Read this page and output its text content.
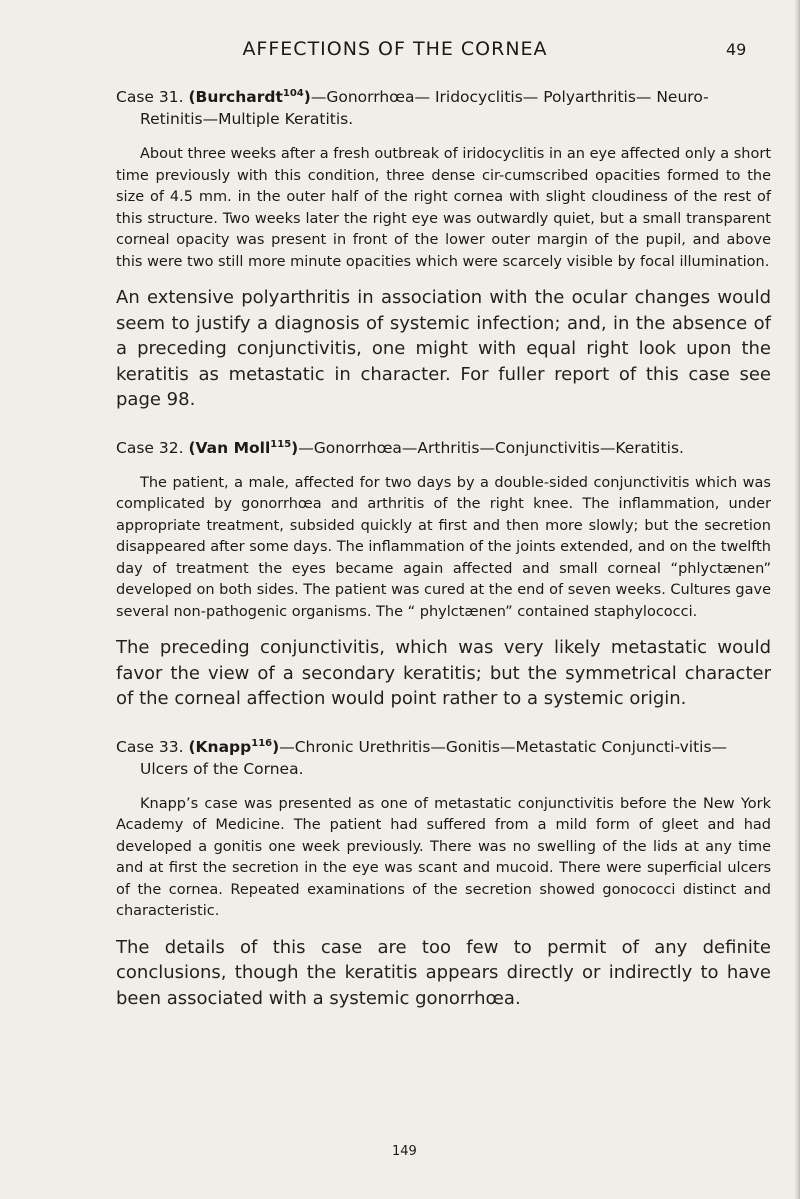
AFFECTIONS OF THE CORNEA	49

Case 31. (Burchardt$^{104}$)—Gonorrhœa— Iridocyclitis— Polyarthritis— Neuro-Retinitis—Multiple Keratitis.

About three weeks after a fresh outbreak of iridocyclitis in an eye affected only a short time previously with this condition, three dense cir-cumscribed opacities formed to the size of 4.5 mm. in the outer half of the right cornea with slight cloudiness of the rest of this structure. Two weeks later the right eye was outwardly quiet, but a small transparent corneal opacity was present in front of the lower outer margin of the pupil, and above this were two still more minute opacities which were scarcely visible by focal illumination.

An extensive polyarthritis in association with the ocular changes would seem to justify a diagnosis of systemic infection; and, in the absence of a preceding conjunctivitis, one might with equal right look upon the keratitis as metastatic in character. For fuller report of this case see page 98.

Case 32. (Van Moll$^{115}$)—Gonorrhœa—Arthritis—Conjunctivitis—Keratitis.

The patient, a male, affected for two days by a double-sided conjunctivitis which was complicated by gonorrhœa and arthritis of the right knee. The inflammation, under appropriate treatment, subsided quickly at first and then more slowly; but the secretion disappeared after some days. The inflammation of the joints extended, and on the twelfth day of treatment the eyes became again affected and small corneal “phlyctænen” developed on both sides. The patient was cured at the end of seven weeks. Cultures gave several non-pathogenic organisms. The “ phylctænen” contained staphylococci.

The preceding conjunctivitis, which was very likely metastatic would favor the view of a secondary keratitis; but the symmetrical character of the corneal affection would point rather to a systemic origin.

Case 33. (Knapp$^{116}$)—Chronic Urethritis—Gonitis—Metastatic Conjuncti-vitis—Ulcers of the Cornea.

Knapp’s case was presented as one of metastatic conjunctivitis before the New York Academy of Medicine. The patient had suffered from a mild form of gleet and had developed a gonitis one week previously. There was no swelling of the lids at any time and at first the secretion in the eye was scant and mucoid. There were superficial ulcers of the cornea. Repeated examinations of the secretion showed gonococci distinct and characteristic.

The details of this case are too few to permit of any definite conclusions, though the keratitis appears directly or indirectly to have been associated with a systemic gonorrhœa.

149
